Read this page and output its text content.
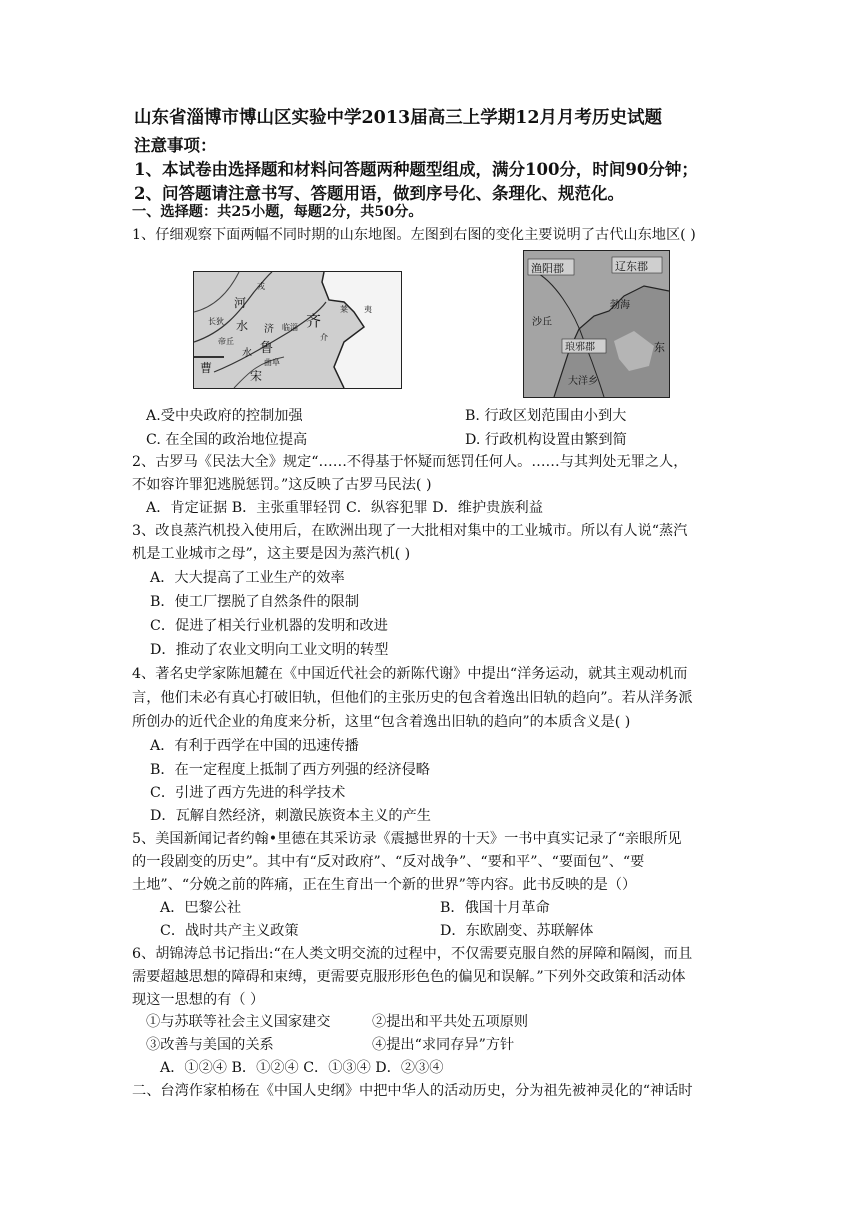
山东省淄博市博山区实验中学2013届高三上学期12月月考历史试题
注意事项：
1、本试卷由选择题和材料问答题两种题型组成，满分100分，时间90分钟；
2、问答题请注意书写、答题用语，做到序号化、条理化、规范化。
一、选择题：共25小题，每题2分，共50分。
1、仔细观察下面两幅不同时期的山东地图。左图到右图的变化主要说明了古代山东地区( )
戎
河
长狄
济 临淄 齐
莱 夷
水
帝丘 鲁
曲阜
水
宋
曹
介
渔阳郡	辽东郡
勃海
沙丘
琅邪郡	东
大洋乡
A.受中央政府的控制加强	B. 行政区划范围由小到大
C. 在全国的政治地位提高	D. 行政机构设置由繁到简
2、古罗马《民法大全》规定“……不得基于怀疑而惩罚任何人。……与其判处无罪之人，
不如容许罪犯逃脱惩罚。”这反映了古罗马民法( )
A．肯定证据 B．主张重罪轻罚 C．纵容犯罪 D．维护贵族利益
3、改良蒸汽机投入使用后，在欧洲出现了一大批相对集中的工业城市。所以有人说“蒸汽
机是工业城市之母”，这主要是因为蒸汽机( )
A．大大提高了工业生产的效率
B．使工厂摆脱了自然条件的限制
C．促进了相关行业机器的发明和改进
D．推动了农业文明向工业文明的转型
4、著名史学家陈旭麓在《中国近代社会的新陈代谢》中提出“洋务运动，就其主观动机而
言，他们未必有真心打破旧轨，但他们的主张历史的包含着逸出旧轨的趋向”。若从洋务派
所创办的近代企业的角度来分析，这里“包含着逸出旧轨的趋向”的本质含义是( )
A．有利于西学在中国的迅速传播
B．在一定程度上抵制了西方列强的经济侵略
C．引进了西方先进的科学技术
D．瓦解自然经济，刺激民族资本主义的产生
5、美国新闻记者约翰•里德在其采访录《震撼世界的十天》一书中真实记录了“亲眼所见
的一段剧变的历史”。其中有“反对政府”、“反对战争”、“要和平”、“要面包”、“要
土地”、“分娩之前的阵痛，正在生育出一个新的世界”等内容。此书反映的是（）
A．巴黎公社	B．俄国十月革命
C．战时共产主义政策	D．东欧剧变、苏联解体
6、胡锦涛总书记指出:“在人类文明交流的过程中，不仅需要克服自然的屏障和隔阂，而且
需要超越思想的障碍和束缚，更需要克服形形色色的偏见和误解。”下列外交政策和活动体
现这一思想的有（ ）
①与苏联等社会主义国家建交	②提出和平共处五项原则
③改善与美国的关系	④提出“求同存异”方针
A．①②④ B．①②④ C．①③④ D．②③④
二、台湾作家柏杨在《中国人史纲》中把中华人的活动历史，分为祖先被神灵化的“神话时
